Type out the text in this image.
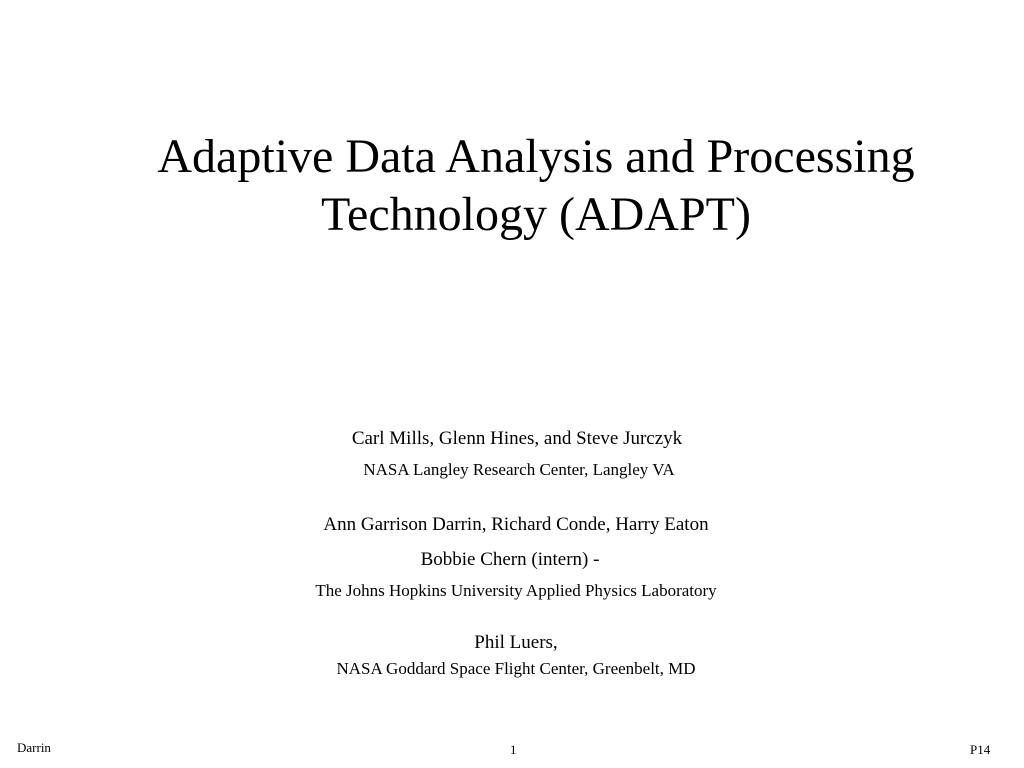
Adaptive Data Analysis and Processing
Technology (ADAPT)
Carl Mills, Glenn Hines, and Steve Jurczyk
NASA Langley Research Center, Langley VA
Ann Garrison Darrin, Richard Conde, Harry Eaton
Bobbie Chern (intern) -
The Johns Hopkins University Applied Physics Laboratory
Phil Luers,
NASA Goddard Space Flight Center, Greenbelt, MD
Darrin	1	P14
